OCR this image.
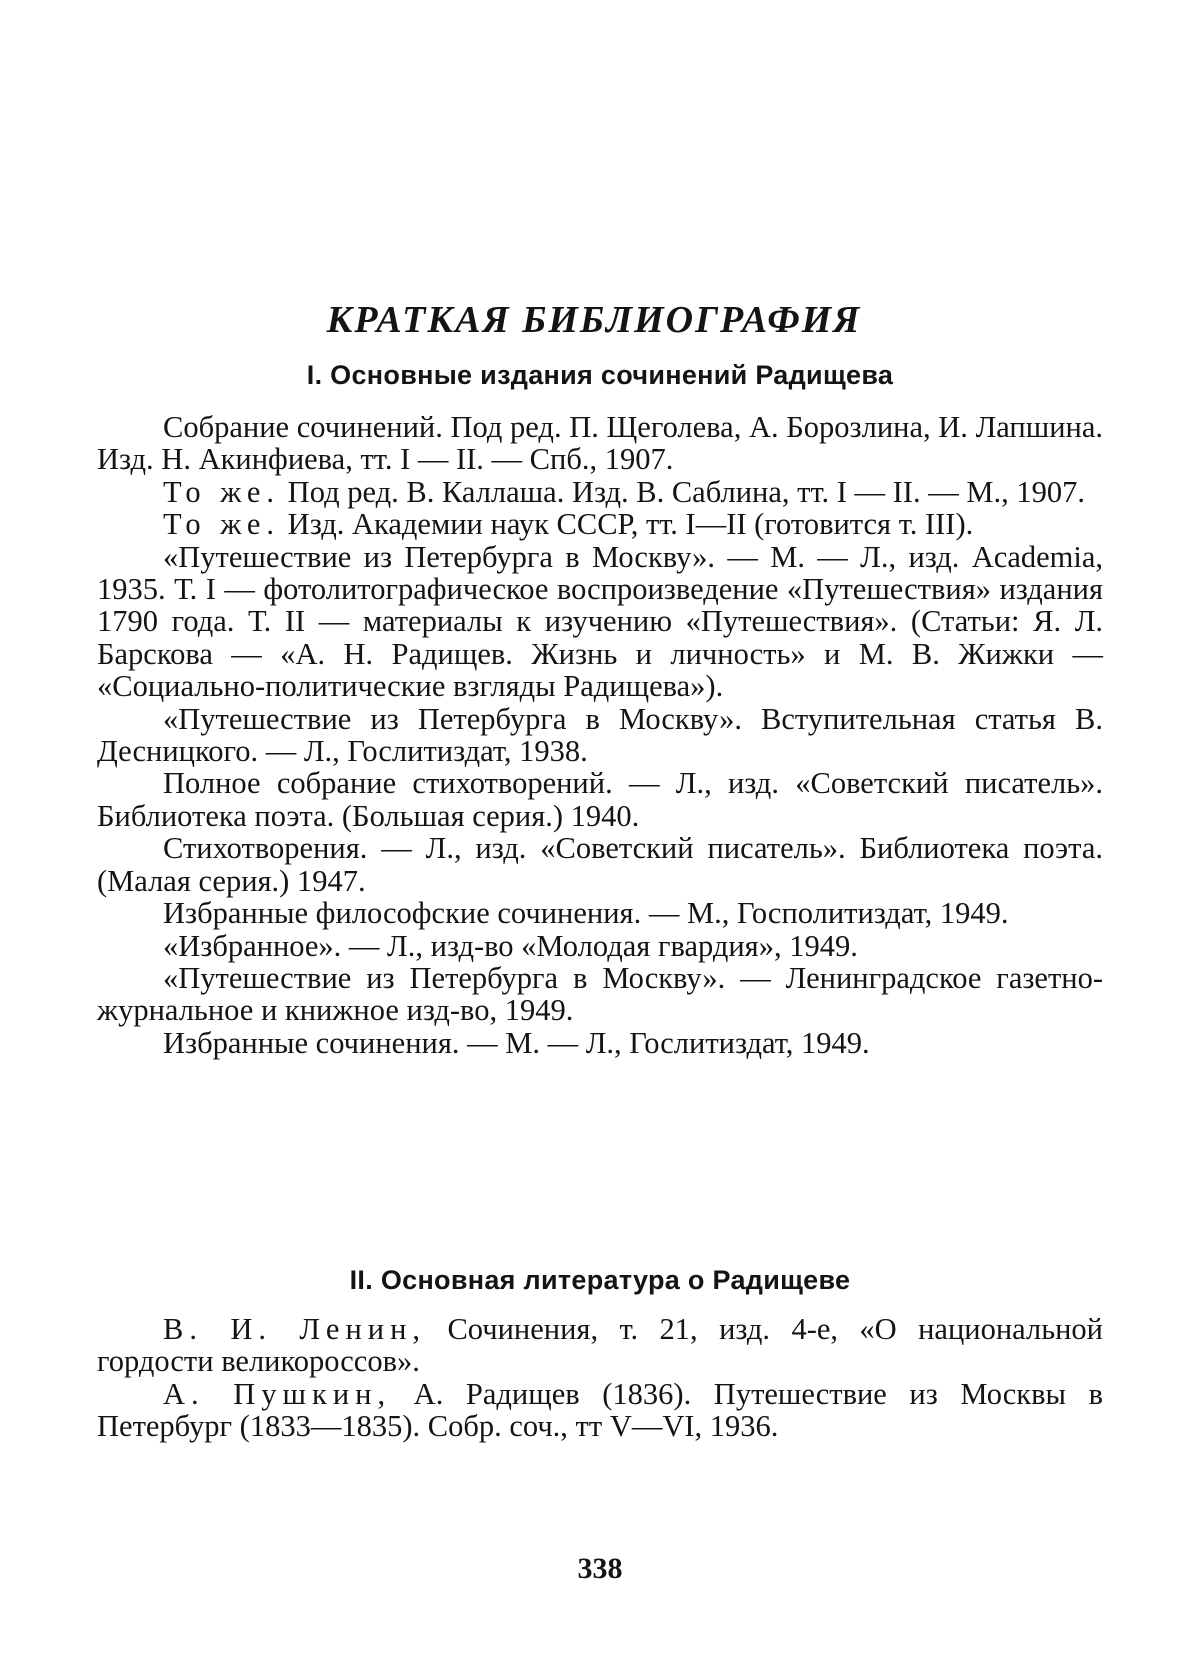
КРАТКАЯ БИБЛИОГРАФИЯ
I. Основные издания сочинений Радищева

Собрание сочинений. Под ред. П. Щеголева, А. Борозлина, И. Лапшина. Изд. Н. Акинфиева, тт. I — II. — Спб., 1907.

То же. Под ред. В. Каллаша. Изд. В. Саблина, тт. I — II. — М., 1907.

То же. Изд. Академии наук СССР, тт. I—II (готовится т. III).

«Путешествие из Петербурга в Москву». — М. — Л., изд. Academia, 1935. Т. I — фотолитографическое воспроизведение «Путешествия» издания 1790 года. Т. II — материалы к изучению «Путешествия». (Статьи: Я. Л. Барскова — «А. Н. Радищев. Жизнь и личность» и М. В. Жижки — «Социально-политические взгляды Радищева»).

«Путешествие из Петербурга в Москву». Вступительная статья В. Десницкого. — Л., Гослитиздат, 1938.

Полное собрание стихотворений. — Л., изд. «Советский писатель». Библиотека поэта. (Большая серия.) 1940.

Стихотворения. — Л., изд. «Советский писатель». Библиотека поэта. (Малая серия.) 1947.

Избранные философские сочинения. — М., Госполитиздат, 1949.

«Избранное». — Л., изд-во «Молодая гвардия», 1949.

«Путешествие из Петербурга в Москву». — Ленинградское газетно-журнальное и книжное изд-во, 1949.

Избранные сочинения. — М. — Л., Гослитиздат, 1949.

II. Основная литература о Радищеве

В. И. Ленин, Сочинения, т. 21, изд. 4-е, «О национальной гордости великороссов».

А. Пушкин, А. Радищев (1836). Путешествие из Москвы в Петербург (1833—1835). Собр. соч., тт V—VI, 1936.

338
